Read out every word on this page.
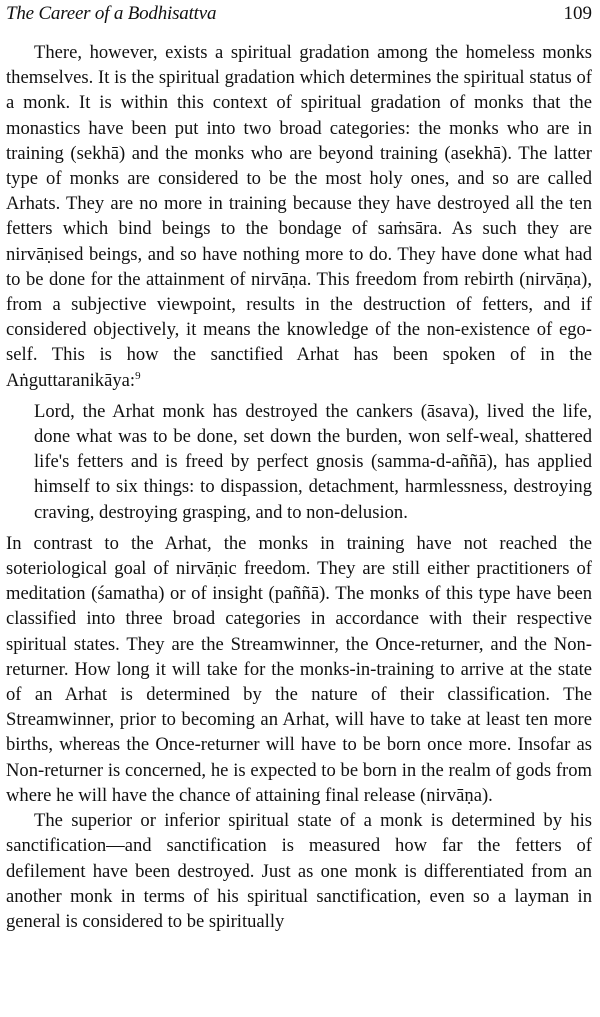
The Career of a Bodhisattva	109

There, however, exists a spiritual gradation among the homeless monks themselves. It is the spiritual gradation which determines the spiritual status of a monk. It is within this context of spiritual gradation of monks that the monastics have been put into two broad categories: the monks who are in training (sekhā) and the monks who are beyond training (asekhā). The latter type of monks are considered to be the most holy ones, and so are called Arhats. They are no more in training because they have destroyed all the ten fetters which bind beings to the bondage of saṁsāra. As such they are nirvāṇised beings, and so have nothing more to do. They have done what had to be done for the attainment of nirvāṇa. This freedom from rebirth (nirvāṇa), from a subjective viewpoint, results in the destruction of fetters, and if considered objectively, it means the knowledge of the non-existence of ego-self. This is how the sanctified Arhat has been spoken of in the Aṅguttaranikāya:$^9$

Lord, the Arhat monk has destroyed the cankers (āsava), lived the life, done what was to be done, set down the burden, won self-weal, shattered life's fetters and is freed by perfect gnosis (samma-d-aññā), has applied himself to six things: to dispassion, detachment, harmlessness, destroying craving, destroying grasping, and to non-delusion.

In contrast to the Arhat, the monks in training have not reached the soteriological goal of nirvāṇic freedom. They are still either practitioners of meditation (śamatha) or of insight (paññā). The monks of this type have been classified into three broad categories in accordance with their respective spiritual states. They are the Streamwinner, the Once-returner, and the Non-returner. How long it will take for the monks-in-training to arrive at the state of an Arhat is determined by the nature of their classification. The Streamwinner, prior to becoming an Arhat, will have to take at least ten more births, whereas the Once-returner will have to be born once more. Insofar as Non-returner is concerned, he is expected to be born in the realm of gods from where he will have the chance of attaining final release (nirvāṇa).

The superior or inferior spiritual state of a monk is determined by his sanctification—and sanctification is measured how far the fetters of defilement have been destroyed. Just as one monk is differentiated from an another monk in terms of his spiritual sanctification, even so a layman in general is considered to be spiritually
